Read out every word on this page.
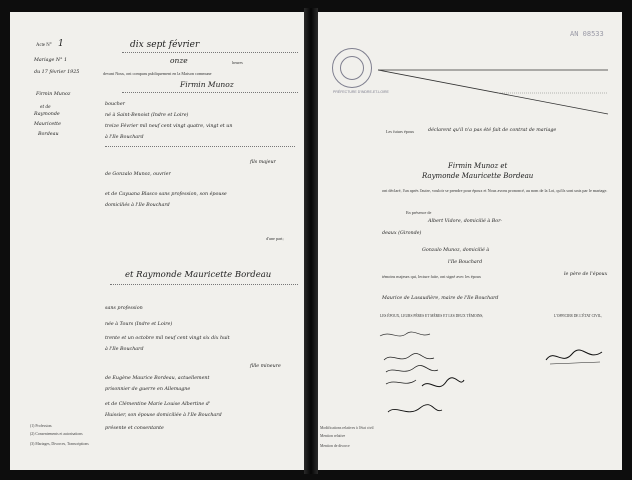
Acte N° 1	dix sept février
onze	heures
Mariage N° 1
du 17 février 1925	devant Nous, ont comparu publiquement en la Maison commune
Firmin Munoz
et de
Raymonde
Mauricette
Bordeau
Firmin Munoz
boucher
né à Saint-Benoist (Indre et Loire)
treize Février mil neuf cent vingt quatre, vingt et un
à l'Ile Bouchard
fils majeur
de Gonzalo Munoz, ouvrier
et de Cayuana Blasco sans profession, son épouse
domiciliés à l'Ile Bouchard
d'une part;
et Raymonde Mauricette Bordeau
sans profession
née à Tours (Indre et Loire)
trente et un octobre mil neuf cent vingt six dix huit
à l'Ile Bouchard
fille mineure
de Eugène Maurice Bordeau, actuellement
prisonnier de guerre en Allemagne
et de Clémentine Marie Louise Albertine d'
Huissier, son épouse domiciliée à l'Ile Bouchard
présente et consentante
(1) Profession.
(2) Consentements et autorisations
(3) Mariages, Divorces, Transcriptions
AN 08533
PRÉFECTURE D'INDRE-ET-LOIRE
Les futurs époux	déclarent qu'il n'a pas été fait de contrat de mariage
Firmin Munoz et
Raymonde Mauricette Bordeau
ont déclaré, l'un après l'autre, vouloir se prendre pour époux et Nous avons prononcé, au nom de la Loi, qu'ils sont unis par le mariage.
En présence de
Albert Vidore, domicilié à Bor-
deaux (Gironde)
Gonzalo Munoz, domicilié à
l'Ile Bouchard
témoins majeurs qui, lecture faite, ont signé avec les époux	le père de l'époux
Maurice de Lasaudière, maire de l'Ile Bouchard
LES ÉPOUX, LEURS PÈRES ET MÈRES ET LES DEUX TÉMOINS,	L'OFFICIER DE L'ÉTAT CIVIL,
Modifications relatives à l'état civil
Mention relative
Mention de divorce
